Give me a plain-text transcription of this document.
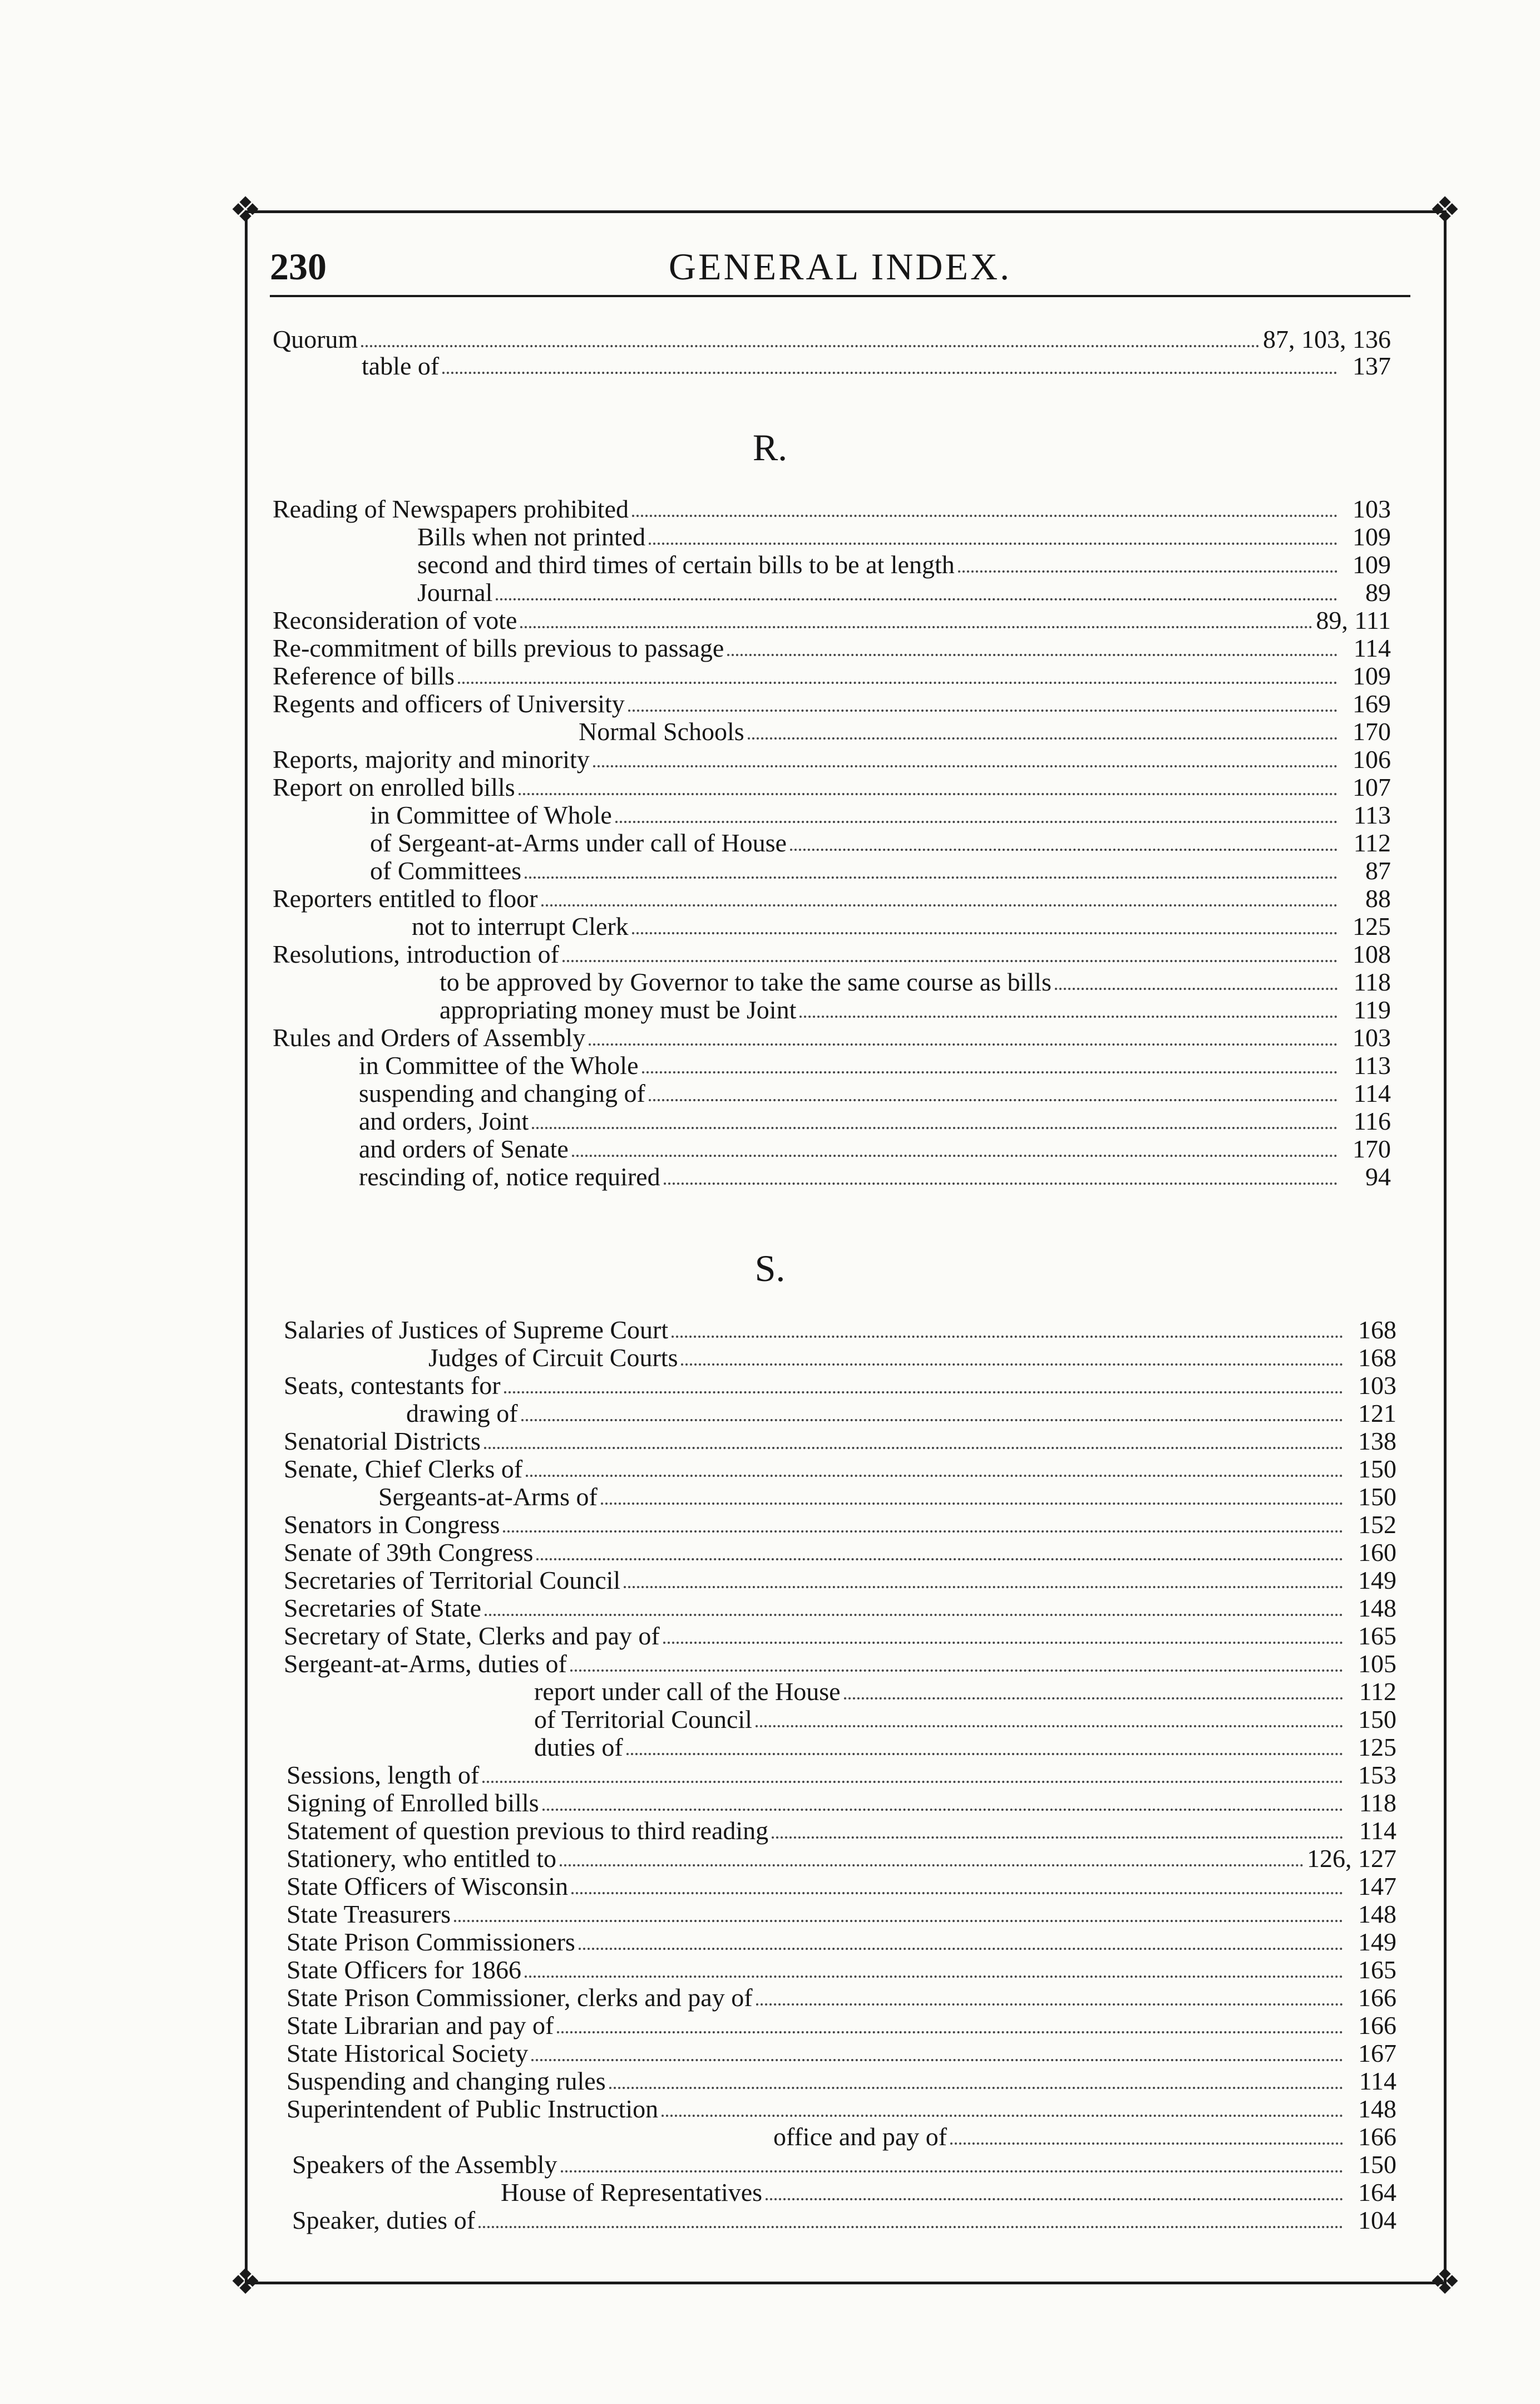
❖	❖
❖	❖
230	GENERAL INDEX.
Quorum	87, 103, 136
table of	137
R.
Reading of Newspapers prohibited	103
Bills when not printed	109
second and third times of certain bills to be at length	109
Journal	89
Reconsideration of vote	89, 111
Re-commitment of bills previous to passage	114
Reference of bills	109
Regents and officers of University	169
Normal Schools	170
Reports, majority and minority	106
Report on enrolled bills	107
in Committee of Whole	113
of Sergeant-at-Arms under call of House	112
of Committees	87
Reporters entitled to floor	88
not to interrupt Clerk	125
Resolutions, introduction of	108
to be approved by Governor to take the same course as bills	118
appropriating money must be Joint	119
Rules and Orders of Assembly	103
in Committee of the Whole	113
suspending and changing of	114
and orders, Joint	116
and orders of Senate	170
rescinding of, notice required	94
S.
Salaries of Justices of Supreme Court	168
Judges of Circuit Courts	168
Seats, contestants for	103
drawing of	121
Senatorial Districts	138
Senate, Chief Clerks of	150
Sergeants-at-Arms of	150
Senators in Congress	152
Senate of 39th Congress	160
Secretaries of Territorial Council	149
Secretaries of State	148
Secretary of State, Clerks and pay of	165
Sergeant-at-Arms, duties of	105
report under call of the House	112
of Territorial Council	150
duties of	125
Sessions, length of	153
Signing of Enrolled bills	118
Statement of question previous to third reading	114
Stationery, who entitled to	126, 127
State Officers of Wisconsin	147
State Treasurers	148
State Prison Commissioners	149
State Officers for 1866	165
State Prison Commissioner, clerks and pay of	166
State Librarian and pay of	166
State Historical Society	167
Suspending and changing rules	114
Superintendent of Public Instruction	148
office and pay of	166
Speakers of the Assembly	150
House of Representatives	164
Speaker, duties of	104
